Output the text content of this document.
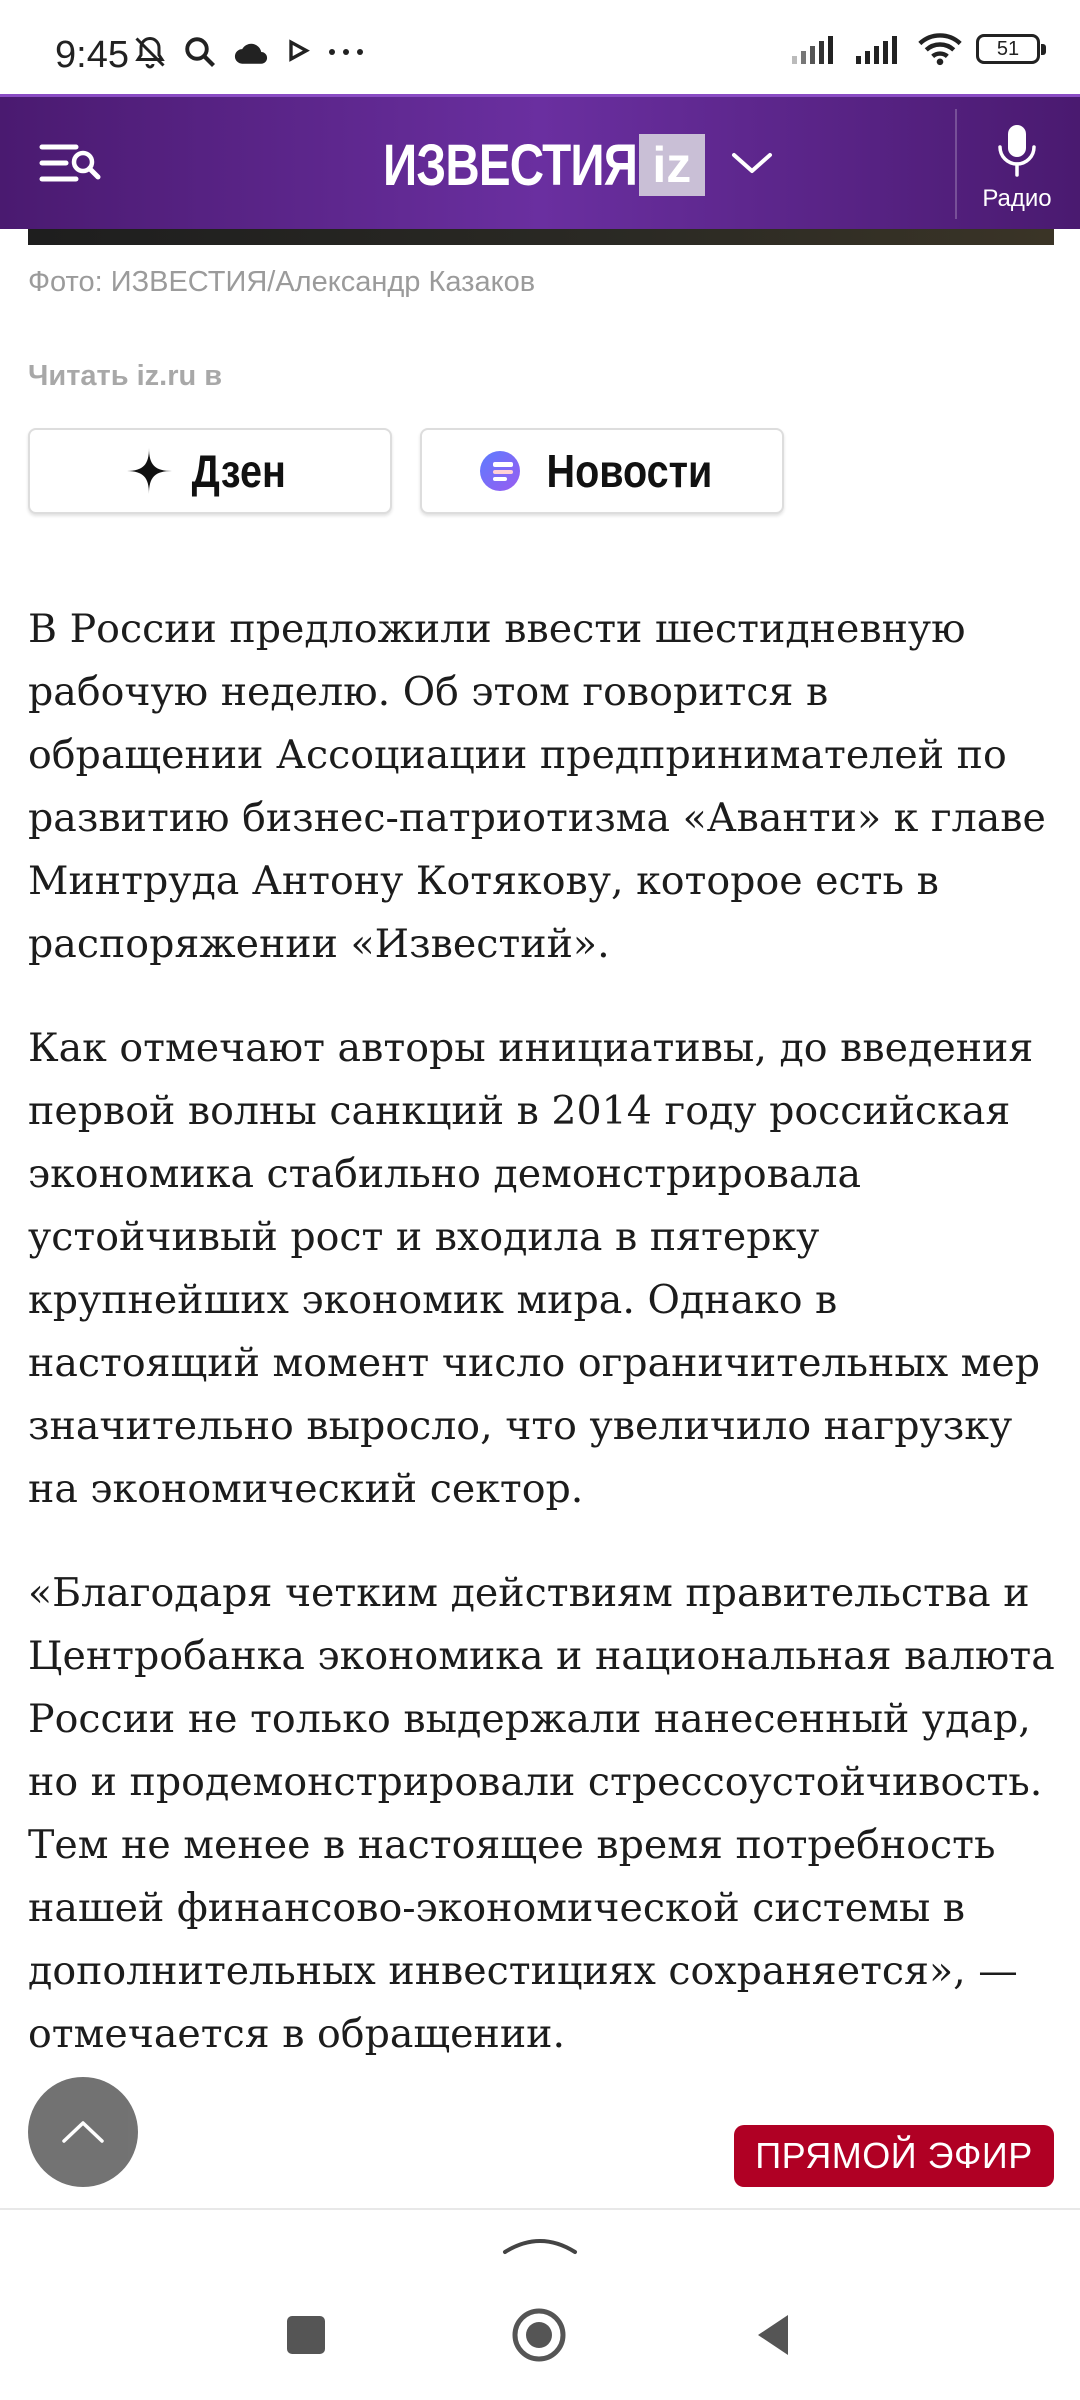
9:45	51
ИЗВЕСТИЯ iz
Радио
Фото: ИЗВЕСТИЯ/Александр Казаков
Читать iz.ru в
Дзен	Новости

В России предложили ввести шестидневную рабочую неделю. Об этом говорится в обращении Ассоциации предпринимателей по развитию бизнес-патриотизма «Аванти» к главе Минтруда Антону Котякову, которое есть в распоряжении «Известий».

Как отмечают авторы инициативы, до введения первой волны санкций в 2014 году российская экономика стабильно демонстрировала устойчивый рост и входила в пятерку крупнейших экономик мира. Однако в настоящий момент число ограничительных мер значительно выросло, что увеличило нагрузку на экономический сектор.

«Благодаря четким действиям правительства и Центробанка экономика и национальная валюта России не только выдержали нанесенный удар, но и продемонстрировали стрессоустойчивость. Тем не менее в настоящее время потребность нашей финансово-экономической системы в дополнительных инвестициях сохраняется», — отмечается в обращении.

ПРЯМОЙ ЭФИР
